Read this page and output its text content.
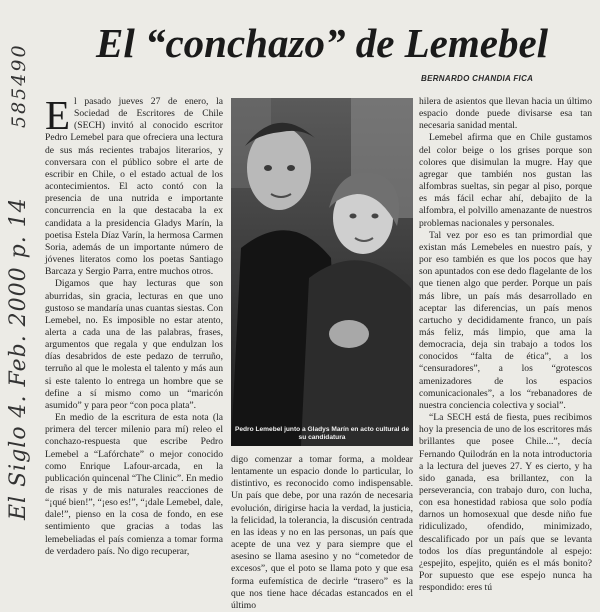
585490
El Siglo 4. Feb. 2000 p. 14
El “conchazo” de Lemebel
BERNARDO CHANDIA FICA
E l pasado jueves 27 de enero, la Sociedad de Escritores de Chile (SECH) invitó al conocido escritor Pedro Lemebel para que ofreciera una lectura de sus más recientes trabajos literarios, y conversara con el público sobre el arte de escribir en Chile, o el estado actual de los acontecimientos. El acto contó con la presencia de una nutrida e importante concurrencia en la que destacaba la ex candidata a la presidencia Gladys Marín, la poetisa Estela Díaz Varín, la hermosa Carmen Soria, además de un importante número de jóvenes literatos como los poetas Santiago Barcaza y Sergio Parra, entre muchos otros.

Digamos que hay lecturas que son aburridas, sin gracia, lecturas en que uno gustoso se mandaría unas cuantas siestas. Con Lemebel, no. Es imposible no estar atento, alerta a cada una de las palabras, frases, argumentos que regala y que endulzan los días desabridos de este pedazo de terruño, terruño al que le molesta el talento y más aun si este talento lo entrega un hombre que se define a sí mismo como un “maricón asumido” y para peor “con poca plata”.

En medio de la escritura de esta nota (la primera del tercer milenio para mí) releo el conchazo-respuesta que escribe Pedro Lemebel a “Lafórchate” o mejor conocido como Enrique Lafour-arcada, en la publicación quincenal “The Clinic”. En medio de risas y de mis naturales reacciones de “¡qué bien!”, “¡eso es!”, “¡dale Lemebel, dale, dale!”, pienso en la cosa de fondo, en ese sentimiento que gracias a todas las lemebeliadas el país comienza a tomar forma de verdadero país. No digo recuperar,

Pedro Lemebel junto a Gladys Marín en acto cultural de su candidatura

digo comenzar a tomar forma, a moldear lentamente un espacio donde lo particular, lo distintivo, es reconocido como indispensable. Un país que debe, por una razón de necesaria evolución, dirigirse hacia la verdad, la justicia, la felicidad, la tolerancia, la discusión centrada en las ideas y no en las personas, un país que acepte de una vez y para siempre que el asesino se llama asesino y no “cometedor de excesos”, que el poto se llama poto y que esa forma eufemística de decirle “trasero” es la que nos tiene hace décadas estancados en el último

hilera de asientos que llevan hacia un último espacio donde puede divisarse esa tan necesaria sanidad mental.

Lemebel afirma que en Chile gustamos del color beige o los grises porque son colores que disimulan la mugre. Hay que agregar que también nos gustan las alfombras sueltas, sin pegar al piso, porque es más fácil echar ahí, debajito de la alfombra, el polvillo amenazante de nuestros problemas nacionales y personales.

Tal vez por eso es tan primordial que existan más Lemebeles en nuestro país, y por eso también es que los pocos que hay son apuntados con ese dedo flagelante de los que tienen algo que perder. Porque un país más libre, un país más desarrollado en aceptar las diferencias, un país menos cartucho y decididamente franco, un país más feliz, más limpio, que ama la democracia, deja sin trabajo a todos los conocidos “falta de ética”, a los “censuradores”, a los “grotescos amenizadores de los espacios comunicacionales”, a los “rebanadores de nuestra conciencia colectiva y social”.

“La SECH está de fiesta, pues recibimos hoy la presencia de uno de los escritores más brillantes que posee Chile...”, decía Fernando Quilodrán en la nota introductoria a la lectura del jueves 27. Y es cierto, y ha sido ganada, esa brillantez, con la perseverancia, con trabajo duro, con lucha, con esa honestidad rabiosa que solo podía darnos un homosexual que desde niño fue ridiculizado, ofendido, minimizado, descalificado por un país que se levanta todos los días preguntándole al espejo: ¿espejito, espejito, quién es el más bonito? Por supuesto que ese espejo nunca ha respondido: eres tú
